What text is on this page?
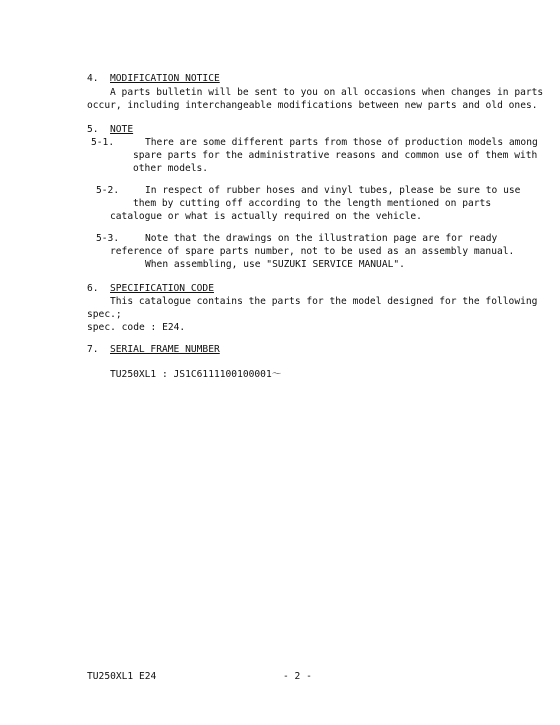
4. MODIFICATION NOTICE
A parts bulletin will be sent to you on all occasions when changes in parts
occur, including interchangeable modifications between new parts and old ones.
5. NOTE
5-1.	There are some different parts from those of production models among
spare parts for the administrative reasons and common use of them with
other models.
5-2.	In respect of rubber hoses and vinyl tubes, please be sure to use
them by cutting off according to the length mentioned on parts
catalogue or what is actually required on the vehicle.
5-3.	Note that the drawings on the illustration page are for ready
reference of spare parts number, not to be used as an assembly manual.
When assembling, use "SUZUKI SERVICE MANUAL".
6. SPECIFICATION CODE
This catalogue contains the parts for the model designed for the following
spec.;
spec. code : E24.
7. SERIAL FRAME NUMBER
TU250XL1 : JS1C6111100100001～
TU250XL1 E24	- 2 -
